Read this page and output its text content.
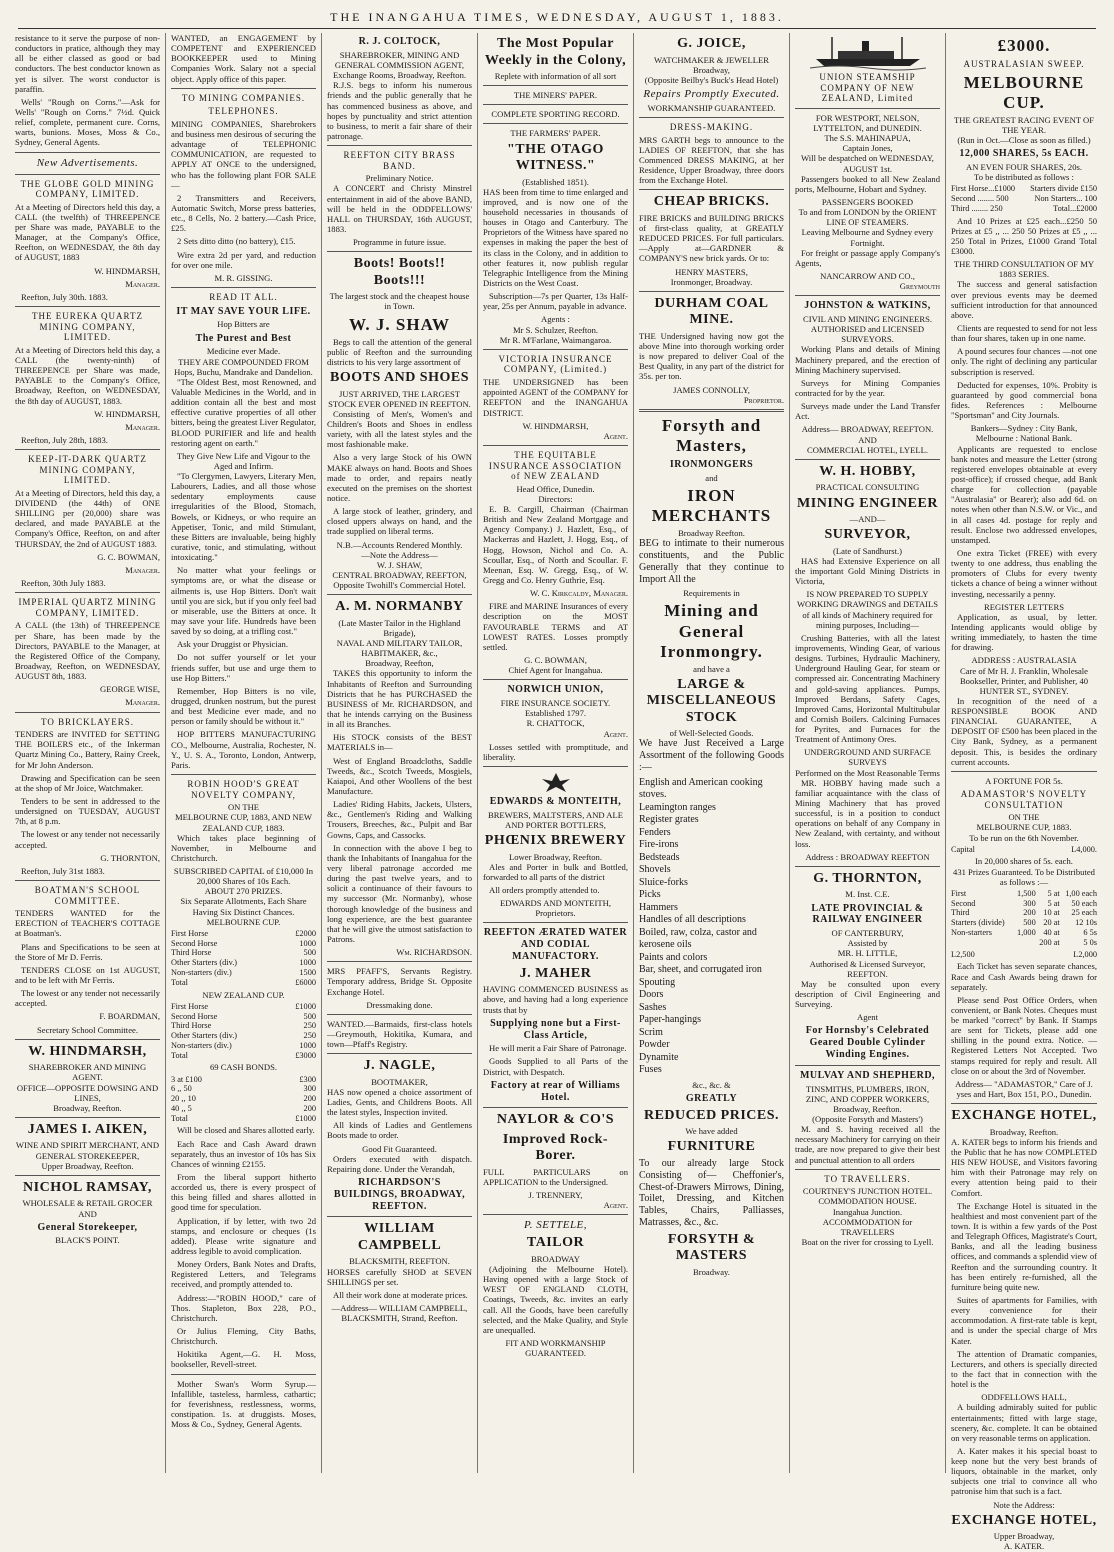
THE INANGAHUA TIMES, WEDNESDAY, AUGUST 1, 1883.

resistance to it serve the purpose of non-conductors in pratice, although they may all be either classed as good or bad conductors. The best conductor known as yet is silver. The worst conductor is paraffin.

Wells' "Rough on Corns."—Ask for Wells' "Rough on Corns." 7½d. Quick relief, complete, permanent cure. Corns, warts, bunions. Moses, Moss & Co., Sydney, General Agents.

New Advertisements.
THE GLOBE GOLD MINING COMPANY, LIMITED.

At a Meeting of Directors held this day, a CALL (the twelfth) of THREEPENCE per Share was made, PAYABLE to the Manager, at the Company's Office, Reefton, on WEDNESDAY, the 8th day of AUGUST, 1883

W. HINDMARSH,
Manager.

Reefton, July 30th. 1883.

THE EUREKA QUARTZ MINING COMPANY, LIMITED.

At a Meeting of Directors held this day, a CALL (the twenty-ninth) of THREEPENCE per Share was made, PAYABLE to the Company's Office, Broadway, Reefton, on WEDNESDAY, the 8th day of AUGUST, 1883.

W. HINDMARSH,
Manager.

Reefton, July 28th, 1883.

KEEP-IT-DARK QUARTZ MINING COMPANY, LIMITED.

At a Meeting of Directors, held this day, a DIVIDEND (the 44th) of ONE SHILLING per (20,000) share was declared, and made PAYABLE at the Company's Office, Reefton, on and after THURSDAY, the 2nd of AUGUST 1883.

G. C. BOWMAN,
Manager.

Reefton, 30th July 1883.

IMPERIAL QUARTZ MINING COMPANY, LIMITED.

A CALL (the 13th) of THREEPENCE per Share, has been made by the Directors, PAYABLE to the Manager, at the Registered Office of the Company, Broadway, Reefton, on WEDNESDAY, AUGUST 8th, 1883.

GEORGE WISE,
Manager.
TO BRICKLAYERS.

TENDERS are INVITED for SETTING THE BOILERS etc., of the Inkerman Quartz Mining Co., Battery, Rainy Creek, for Mr John Anderson.

Drawing and Specification can be seen at the shop of Mr Joice, Watchmaker.

Tenders to be sent in addressed to the undersigned on TUESDAY, AUGUST 7th, at 8 p.m.

The lowest or any tender not necessarily accepted.

G. THORNTON,

Reefton, July 31st 1883.

BOATMAN'S SCHOOL COMMITTEE.

TENDERS WANTED for the ERECTION of TEACHER'S COTTAGE at Boatman's.

Plans and Specifications to be seen at the Store of Mr D. Ferris.

TENDERS CLOSE on 1st AUGUST, and to be left with Mr Ferris.

The lowest or any tender not necessarily accepted.

F. BOARDMAN,
Secretary School Committee.
W. HINDMARSH,
SHAREBROKER AND MINING AGENT.
OFFICE—OPPOSITE DOWSING AND LINES,
Broadway, Reefton.
JAMES I. AIKEN,
WINE AND SPIRIT MERCHANT, AND GENERAL STOREKEEPER,
Upper Broadway, Reefton.
NICHOL RAMSAY,
WHOLESALE & RETAIL GROCER
AND
General Storekeeper,
BLACK'S POINT.

WANTED, an ENGAGEMENT by COMPETENT and EXPERIENCED BOOKKEEPER used to Mining Companies Work. Salary not a special object. Apply office of this paper.

TO MINING COMPANIES.
TELEPHONES.

MINING COMPANIES, Sharebrokers and business men desirous of securing the advantage of TELEPHONIC COMMUNICATION, are requested to APPLY AT ONCE to the undersigned, who has the following plant FOR SALE—

2 Transmitters and Receivers, Automatic Switch, Morse press batteries, etc., 8 Cells, No. 2 battery.—Cash Price, £25.

2 Sets ditto ditto (no battery), £15.

Wire extra 2d per yard, and reduction for over one mile.

M. R. GISSING.
READ IT ALL.
IT MAY SAVE YOUR LIFE.
Hop Bitters are
The Purest and Best
Medicine ever Made.
THEY ARE COMPOUNDED FROM Hops, Buchu, Mandrake and Dandelion.

"The Oldest Best, most Renowned, and Valuable Medicines in the World, and in addition contain all the best and most effective curative properties of all other bitters, being the greatest Liver Regulator, BLOOD PURIFIER and life and health restoring agent on earth."

They Give New Life and Vigour to the Aged and Infirm.

"To Clergymen, Lawyers, Literary Men, Labourers, Ladies, and all those whose sedentary employments cause irregularities of the Blood, Stomach, Bowels, or Kidneys, or who require an Appetiser, Tonic, and mild Stimulant, these Bitters are invaluable, being highly curative, tonic, and stimulating, without intoxicating."

No matter what your feelings or symptoms are, or what the disease or ailments is, use Hop Bitters. Don't wait until you are sick, but if you only feel bad or miserable, use the Bitters at once. It may save your life. Hundreds have been saved by so doing, at a trifling cost."

Ask your Druggist or Physician.

Do not suffer yourself or let your friends suffer, but use and urge them to use Hop Bitters."

Remember, Hop Bitters is no vile, drugged, drunken nostrum, but the purest and best Medicine ever made, and no person or family should be without it."

HOP BITTERS MANUFACTURING CO., Melbourne, Australia, Rochester, N. Y., U. S. A., Toronto, London, Antwerp, Paris.

ROBIN HOOD'S GREAT NOVELTY COMPANY,
ON THE
MELBOURNE CUP, 1883, AND NEW ZEALAND CUP, 1883.

Which takes place beginning of November, in Melbourne and Christchurch.

SUBSCRIBED CAPITAL of £10,000 In 20,000 Shares of 10s Each.
ABOUT 270 PRIZES.
Six Separate Allotments, Each Share Having Six Distinct Chances.
MELBOURNE CUP.
First Horse	£2000
Second Horse	1000
Third Horse	500
Other Starters (div.)	1000
Non-starters (div.)	1500
Total	£6000
NEW ZEALAND CUP.
First Horse	£1000
Second Horse	500
Third Horse	250
Other Starters (div.)	250
Non-starters (div.)	1000
Total	£3000
69 CASH BONDS.
3 at £100	£300
6 ,, 50	300
20 ,, 10	200
40 ,, 5	200
Total	£1000

Will be closed and Shares allotted early.

Each Race and Cash Award drawn separately, thus an investor of 10s has Six Chances of winning £2155.

From the liberal support hitherto accorded us, there is every prospect of this being filled and shares allotted in good time for speculation.

Application, if by letter, with two 2d stamps, and enclosure or cheques (1s added). Please write signature and address legible to avoid complication.

Money Orders, Bank Notes and Drafts, Registered Letters, and Telegrams received, and promptly attended to.

Address:—"ROBIN HOOD," care of Thos. Stapleton, Box 228, P.O., Christchurch.

Or Julius Fleming, City Baths, Christchurch.

Hokitika Agent,—G. H. Moss, bookseller, Revell-street.

Mother Swan's Worm Syrup.—Infallible, tasteless, harmless, cathartic; for feverishness, restlessness, worms, constipation. 1s. at druggists. Moses, Moss & Co., Sydney, General Agents.

R. J. COLTOCK,
SHAREBROKER, MINING AND GENERAL COMMISSION AGENT,
Exchange Rooms, Broadway, Reefton.

R.J.S. begs to inform his numerous friends and the public generally that he has commenced business as above, and hopes by punctuality and strict attention to business, to merit a fair share of their patronage.

REEFTON CITY BRASS BAND.
Preliminary Notice.

A CONCERT and Christy Minstrel entertainment in aid of the above BAND, will be held in the ODDFELLOWS' HALL on THURSDAY, 16th AUGUST, 1883.

Programme in future issue.
Boots! Boots!! Boots!!!
The largest stock and the cheapest house in Town.
W. J. SHAW

Begs to call the attention of the general public of Reefton and the surrounding districts to his very large assortment of

BOOTS AND SHOES
JUST ARRIVED, THE LARGEST STOCK EVER OPENED IN REEFTON.

Consisting of Men's, Women's and Children's Boots and Shoes in endless variety, with all the latest styles and the most fashionable make.

Also a very large Stock of his OWN MAKE always on hand. Boots and Shoes made to order, and repairs neatly executed on the premises on the shortest notice.

A large stock of leather, grindery, and closed uppers always on hand, and the trade supplied on liberal terms.

N.B.—Accounts Rendered Monthly.
—Note the Address—
W. J. SHAW,
CENTRAL BROADWAY, REEFTON, Opposite Twohill's Commercial Hotel.
A. M. NORMANBY
(Late Master Tailor in the Highland Brigade),
NAVAL AND MILITARY TAILOR, HABITMAKER, &c.,
Broadway, Reefton,

TAKES this opportunity to inform the Inhabitants of Reefton and Surrounding Districts that he has PURCHASED the BUSINESS of Mr. RICHARDSON, and that he intends carrying on the Business in all its Branches.

His STOCK consists of the BEST MATERIALS in—

West of England Broadcloths, Saddle Tweeds, &c., Scotch Tweeds, Mosgiels, Kaiapoi, And other Woollens of the best Manufacture.

Ladies' Riding Habits, Jackets, Ulsters, &c., Gentlemen's Riding and Walking Trousers, Breeches, &c., Pulpit and Bar Gowns, Caps, and Cassocks.

In connection with the above I beg to thank the Inhabitants of Inangahua for the very liberal patronage accorded me during the past twelve years, and to solicit a continuance of their favours to my successor (Mr. Normanby), whose thorough knowledge of the business and long experience, are the best guarantee that he will give the utmost satisfaction to Patrons.

Wm. RICHARDSON.

MRS PFAFF'S, Servants Registry. Temporary address, Bridge St. Opposite Exchange Hotel.

Dressmaking done.

WANTED.—Barmaids, first-class hotels—Greymouth, Hokitika, Kumara, and town—Pfaff's Registry.

J. NAGLE,
BOOTMAKER,

HAS now opened a choice assortment of Ladies, Gents, and Childrens Boots. All the latest styles, Inspection invited.

All kinds of Ladies and Gentlemens Boots made to order.

Good Fit Guaranteed.

Orders executed with dispatch. Repairing done. Under the Verandah,

RICHARDSON'S BUILDINGS, BROADWAY, REEFTON.
WILLIAM CAMPBELL
BLACKSMITH, REEFTON.

HORSES carefully SHOD at SEVEN SHILLINGS per set.

All their work done at moderate prices.

—Address— WILLIAM CAMPBELL, BLACKSMITH, Strand, Reefton.
The Most Popular Weekly in the Colony,
Replete with information of all sort
THE MINERS' PAPER.
COMPLETE SPORTING RECORD.
THE FARMERS' PAPER.
"THE OTAGO WITNESS."
(Established 1851).

HAS been from time to time enlarged and improved, and is now one of the household necessaries in thousands of houses in Otago and Canterbury. The Proprietors of the Witness have spared no expenses in making the paper the best of its class in the Colony, and in addition to other features it, now publish regular Telegraphic Intelligence from the Mining Districts on the West Coast.

Subscription—7s per Quarter, 13s Half-year, 25s per Annum, payable in advance.

Agents :
Mr S. Schulzer, Reefton.
Mr R. M'Farlane, Waimangaroa.
VICTORIA INSURANCE COMPANY, (Limited.)

THE UNDERSIGNED has been appointed AGENT of the COMPANY for REEFTON and the INANGAHUA DISTRICT.

W. HINDMARSH,
Agent.
THE EQUITABLE INSURANCE ASSOCIATION of NEW ZEALAND
Head Office, Dunedin.
Directors:

E. B. Cargill, Chairman (Chairman British and New Zealand Mortgage and Agency Company.) J. Hazlett, Esq., of Mackerras and Hazlett, J. Hogg, Esq., of Hogg, Howson, Nichol and Co. A. Scoullar, Esq., of North and Scoullar. F. Meenan, Esq. W. Gregg, Esq., of W. Gregg and Co. Henry Guthrie, Esq.

W. C. Kirkcaldy, Manager.

FIRE and MARINE Insurances of every description on the MOST FAVOURABLE TERMS and AT LOWEST RATES. Losses promptly settled.

G. C. BOWMAN,
Chief Agent for Inangahua.
NORWICH UNION,
FIRE INSURANCE SOCIETY.
Established 1797.
R. CHATTOCK,
Agent.

Losses settled with promptitude, and liberality.

EDWARDS & MONTEITH,
BREWERS, MALTSTERS, AND ALE AND PORTER BOTTLERS,
PHŒNIX BREWERY
Lower Broadway, Reefton.

Ales and Porter in bulk and Bottled, forwarded to all parts of the district

All orders promptly attended to.

EDWARDS AND MONTEITH,
Proprietors.
REEFTON ÆRATED WATER AND CODIAL MANUFACTORY.
J. MAHER

HAVING COMMENCED BUSINESS as above, and having had a long experience trusts that by

Supplying none but a First-Class Article,

He will merit a Fair Share of Patronage.

Goods Supplied to all Parts of the District, with Despatch.

Factory at rear of Williams Hotel.
NAYLOR & CO'S
Improved Rock-Borer.

FULL PARTICULARS on APPLICATION to the Undersigned.

J. TRENNERY,
Agent.
P. SETTELE,
TAILOR
BROADWAY

(Adjoining the Melbourne Hotel). Having opened with a large Stock of WEST OF ENGLAND CLOTH, Coatings, Tweeds, &c. invites an early call. All the Goods, have been carefully selected, and the Make Quality, and Style are unequalled.

FIT AND WORKMANSHIP GUARANTEED.
G. JOICE,
WATCHMAKER & JEWELLER
Broadway,
(Opposite Beilby's Buck's Head Hotel)
Repairs Promptly Executed.
WORKMANSHIP GUARANTEED.
DRESS-MAKING.

MRS GARTH begs to announce to the LADIES OF REEFTON, that she has Commenced DRESS MAKING, at her Residence, Upper Broadway, three doors from the Exchange Hotel.

CHEAP BRICKS.

FIRE BRICKS and BUILDING BRICKS of first-class quality, at GREATLY REDUCED PRICES. For full particulars.—Apply at—GARDNER & COMPANY'S new brick yards. Or to:

HENRY MASTERS,
Ironmonger, Broadway.
DURHAM COAL MINE.

THE Undersigned having now got the above Mine into thorough working order is now prepared to deliver Coal of the Best Quality, in any part of the district for 35s. per ton.

JAMES CONNOLLY,
Proprietor.
Forsyth and Masters,
IRONMONGERS
and
IRON MERCHANTS
Broadway Reefton.

BEG to intimate to their numerous constituents, and the Public Generally that they continue to Import All the

Requirements in
Mining and General Ironmongry.
and have a
LARGE & MISCELLANEOUS STOCK
of Well-Selected Goods.

We have Just Received a Large Assortment of the following Goods :—

English and American cooking stoves.
Leamington ranges
Register grates
Fenders
Fire-irons
Bedsteads
Shovels
Sluice-forks
Picks
Hammers
Handles of all descriptions
Boiled, raw, colza, castor and kerosene oils
Paints and colors
Bar, sheet, and corrugated iron
Spouting
Doors
Sashes
Paper-hangings
Scrim
Powder
Dynamite
Fuses
&c., &c. &
GREATLY
REDUCED PRICES.
We have added
FURNITURE

To our already large Stock Consisting of— Cheffonier's, Chest-of-Drawers Mirrows, Dining, Toilet, Dressing, and Kitchen Tables, Chairs, Palliasses, Matrasses, &c., &c.

FORSYTH & MASTERS
Broadway.
UNION STEAMSHIP COMPANY OF NEW ZEALAND, Limited
FOR WESTPORT, NELSON, LYTTELTON, and DUNEDIN.
The S.S. MAHINAPUA,
Captain Jones,
Will be despatched on WEDNESDAY, AUGUST 1st.

Passengers booked to all New Zealand ports, Melbourne, Hobart and Sydney.

PASSENGERS BOOKED
To and from LONDON by the ORIENT LINE OF STEAMERS.
Leaving Melbourne and Sydney every Fortnight.

For freight or passage apply Company's Agents,

NANCARROW AND CO.,
Greymouth
JOHNSTON & WATKINS,
CIVIL AND MINING ENGINEERS.
AUTHORISED and LICENSED SURVEYORS.

Working Plans and details of Mining Machinery prepared, and the erection of Mining Machinery supervised.

Surveys for Mining Companies contracted for by the year.

Surveys made under the Land Transfer Act.

Address— BROADWAY, REEFTON.
AND
COMMERCIAL HOTEL, LYELL.
W. H. HOBBY,
PRACTICAL CONSULTING
MINING ENGINEER
—AND—
SURVEYOR,
(Late of Sandhurst.)

HAS had Extensive Experience on all the important Gold Mining Districts in Victoria,

IS NOW PREPARED TO SUPPLY WORKING DRAWINGS and DETAILS of all kinds of Machinery required for mining purposes, Including—

Crushing Batteries, with all the latest improvements, Winding Gear, of various designs. Turbines, Hydraulic Machinery, Underground Hauling Gear, for steam or compressed air. Concentrating Machinery and gold-saving appliances. Pumps, Improved Berdans, Safety Cages, Improved Cams, Horizontal Multitubular and Cornish Boilers. Calcining Furnaces for Pyrites, and Furnaces for the Treatment of Antimony Ores.

UNDERGROUND AND SURFACE SURVEYS
Performed on the Most Reasonable Terms

MR. HOBBY having made such a familiar acquaintance with the class of Mining Machinery that has proved successful, is in a position to conduct operations on behalf of any Company in New Zealand, with certainty, and without loss.

Address : BROADWAY REEFTON
G. THORNTON,
M. Inst. C.E.
LATE PROVINCIAL & RAILWAY ENGINEER
OF CANTERBURY,
Assisted by
MR. H. LITTLE,
Authorised & Licensed Surveyor,
REEFTON.

May be consulted upon every description of Civil Engineering and Surveying.

Agent
For Hornsby's Celebrated Geared Double Cylinder Winding Engines.
MULVAY AND SHEPHERD,
TINSMITHS, PLUMBERS, IRON, ZINC, AND COPPER WORKERS,
Broadway, Reefton.
(Opposite Forsyth and Masters')

M. and S. having received all the necessary Machinery for carrying on their trade, are now prepared to give their best and punctual attention to all orders

TO TRAVELLERS.
COURTNEY'S JUNCTION HOTEL. COMMODATION HOUSE.
Inangahua Junction.
ACCOMMODATION for TRAVELLERS
Boat on the river for crossing to Lyell.
£3000.
AUSTRALASIAN SWEEP.
MELBOURNE CUP.
THE GREATEST RACING EVENT OF THE YEAR.
(Run in Oct.—Close as soon as filled.)
12,000 SHARES, 5s EACH.
AN EVEN FOUR SHARES, 20s.
To be distributed as follows :
First Horse...£1000	Starters divide £150
Second ........ 500	Non Starters... 100
Third ........ 250	Total...£2000

And 10 Prizes at £25 each...£250 50 Prizes at £5 ,, ... 250 50 Prizes at £5 ,, ... 250 Total in Prizes, £1000 Grand Total £3000.

THE THIRD CONSULTATION OF MY 1883 SERIES.

The success and general satisfaction over previous events may be deemed sufficient introduction for that announced above.

Clients are requested to send for not less than four shares, taken up in one name.

A pound secures four chances —not one only. The right of declining any particular subscription is reserved.

Deducted for expenses, 10%. Probity is guaranteed by good commercial bona fides. References : Melbourne "Sportsman" and City Journals.

Bankers—Sydney : City Bank, Melbourne : National Bank.

Applicants are requested to enclose bank notes and measure the Letter (strong registered envelopes obtainable at every post-office); if crossed cheque, add Bank charge for collection (payable "Australasia" or Bearer); also add 6d. on notes when other than N.S.W. or Vic., and in all cases 4d. postage for reply and result. Enclose two addressed envelopes, unstamped.

One extra Ticket (FREE) with every twenty to one address, thus enabling the promoters of Clubs for every twenty tickets a chance of being a winner without investing, necessarily a penny.

REGISTER LETTERS

Application, as usual, by letter. Intending applicants would oblige by writing immediately, to hasten the time for drawing.

ADDRESS : AUSTRALASIA
Care of Mr H. J. Franklin, Wholesale Bookseller, Printer, and Publisher, 40 HUNTER ST., SYDNEY.

In recognition of the need of a RESPONSIBLE BOOK AND FINANCIAL GUARANTEE, A DEPOSIT OF £500 has been placed in the City Bank, Sydney, as a permanent deposit. This, is besides the ordinary current accounts.

A FORTUNE FOR 5s.
ADAMASTOR'S NOVELTY CONSULTATION
ON THE
MELBOURNE CUP, 1883.
To be run on the 6th November.
Capital	L4,000.
In 20,000 shares of 5s. each.
431 Prizes Guaranteed. To be Distributed as follows :—
First	1,500	5 at	1,00 each
Second	300	5 at	50 each
Third	200	10 at	25 each
Starters (divide)	500	20 at	12 10s
Non-starters	1,000	40 at	6 5s
		200 at	5 0s
L2,500	L2,000

Each Ticket has seven separate chances, Race and Cash Awards being drawn for separately.

Please send Post Office Orders, when convenient, or Bank Notes. Cheques must be marked "correct" by Bank. If Stamps are sent for Tickets, please add one shilling in the pound extra. Notice. —Registered Letters Not Accepted. Two stamps required for reply and result. All close on or about the 3rd of November.

Address— "ADAMASTOR," Care of J. yses and Hart, Box 151, P.O., Dunedin.
EXCHANGE HOTEL,
Broadway, Reefton.

A. KATER begs to inform his friends and the Public that he has now COMPLETED HIS NEW HOUSE, and Visitors favoring him with their Patronage may rely on every attention being paid to their Comfort.

The Exchange Hotel is situated in the healthiest and most convenient part of the town. It is within a few yards of the Post and Telegraph Offices, Magistrate's Court, Banks, and all the leading business offices, and commands a splendid view of Reefton and the surrounding country. It has been entirely re-furnished, all the furniture being quite new.

Suites of apartments for Families, with every convenience for their accommodation. A first-rate table is kept, and is under the special charge of Mrs Kater.

The attention of Dramatic companies, Lecturers, and others is specially directed to the fact that in connection with the hotel is the

ODDFELLOWS HALL,

A building admirably suited for public entertainments; fitted with large stage, scenery, &c. complete. It can be obtained on very reasonable terms on application.

A. Kater makes it his special boast to keep none but the very best brands of liquors, obtainable in the market, only subjects one trial to convince all who patronise him that such is a fact.

Note the Address:
EXCHANGE HOTEL,
Upper Broadway,
A. KATER.
